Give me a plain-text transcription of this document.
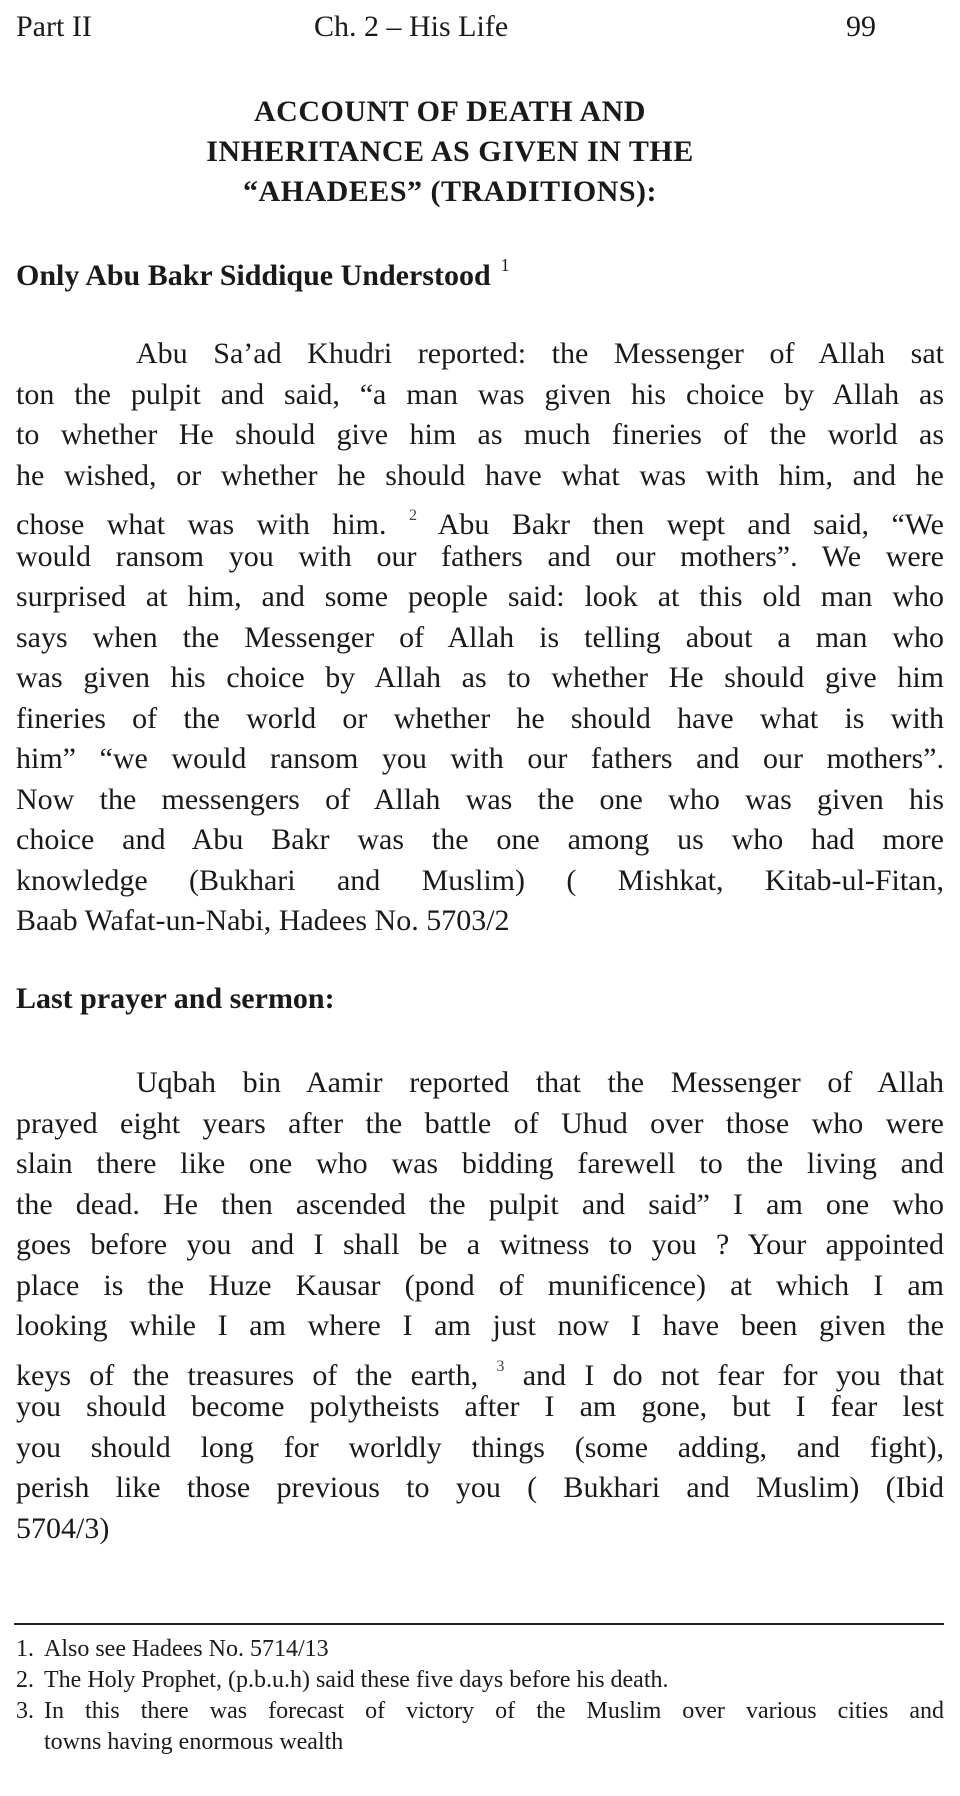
Part II	Ch. 2 – His Life	99
ACCOUNT OF DEATH AND
INHERITANCE AS GIVEN IN THE
“AHADEES” (TRADITIONS):
Only Abu Bakr Siddique Understood $^1$
Abu Sa’ad Khudri reported: the Messenger of Allah sat
ton the pulpit and said, “a man was given his choice by Allah as
to whether He should give him as much fineries of the world as
he wished, or whether he should have what was with him, and he
chose what was with him. $^2$ Abu Bakr then wept and said, “We
would ransom you with our fathers and our mothers”. We were
surprised at him, and some people said: look at this old man who
says when the Messenger of Allah is telling about a man who
was given his choice by Allah as to whether He should give him
fineries of the world or whether he should have what is with
him” “we would ransom you with our fathers and our mothers”.
Now the messengers of Allah was the one who was given his
choice and Abu Bakr was the one among us who had more
knowledge (Bukhari and Muslim) ( Mishkat, Kitab-ul-Fitan,
Baab Wafat-un-Nabi, Hadees No. 5703/2
Last prayer and sermon:
Uqbah bin Aamir reported that the Messenger of Allah
prayed eight years after the battle of Uhud over those who were
slain there like one who was bidding farewell to the living and
the dead. He then ascended the pulpit and said” I am one who
goes before you and I shall be a witness to you ? Your appointed
place is the Huze Kausar (pond of munificence) at which I am
looking while I am where I am just now I have been given the
keys of the treasures of the earth, $^3$ and I do not fear for you that
you should become polytheists after I am gone, but I fear lest
you should long for worldly things (some adding, and fight),
perish like those previous to you ( Bukhari and Muslim) (Ibid
5704/3)
1. Also see Hadees No. 5714/13
2. The Holy Prophet, (p.b.u.h) said these five days before his death.
3. In this there was forecast of victory of the Muslim over various cities and
towns having enormous wealth
